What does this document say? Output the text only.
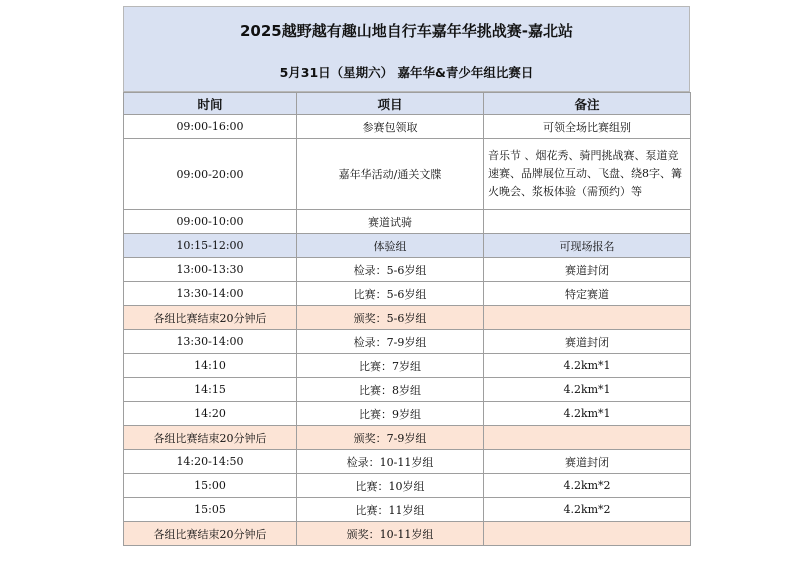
2025越野越有趣山地自行车嘉年华挑战赛-嘉北站
5月31日（星期六） 嘉年华&青少年组比赛日
时间	项目	备注
09:00-16:00	参赛包领取	可领全场比赛组别
09:00-20:00	嘉年华活动/通关文牒	音乐节 、烟花秀、骑門挑战赛、泵道竞速赛、品牌展位互动、飞盘、绕8字、篝火晚会、浆板体验（需预约）等
09:00-10:00	赛道试骑	
10:15-12:00	体验组	可现场报名
13:00-13:30	检录：5-6岁组	赛道封闭
13:30-14:00	比赛：5-6岁组	特定赛道
各组比赛结束20分钟后	颁奖：5-6岁组	
13:30-14:00	检录：7-9岁组	赛道封闭
14:10	比赛：7岁组	4.2km*1
14:15	比赛：8岁组	4.2km*1
14:20	比赛：9岁组	4.2km*1
各组比赛结束20分钟后	颁奖：7-9岁组	
14:20-14:50	检录：10-11岁组	赛道封闭
15:00	比赛：10岁组	4.2km*2
15:05	比赛：11岁组	4.2km*2
各组比赛结束20分钟后	颁奖：10-11岁组	
